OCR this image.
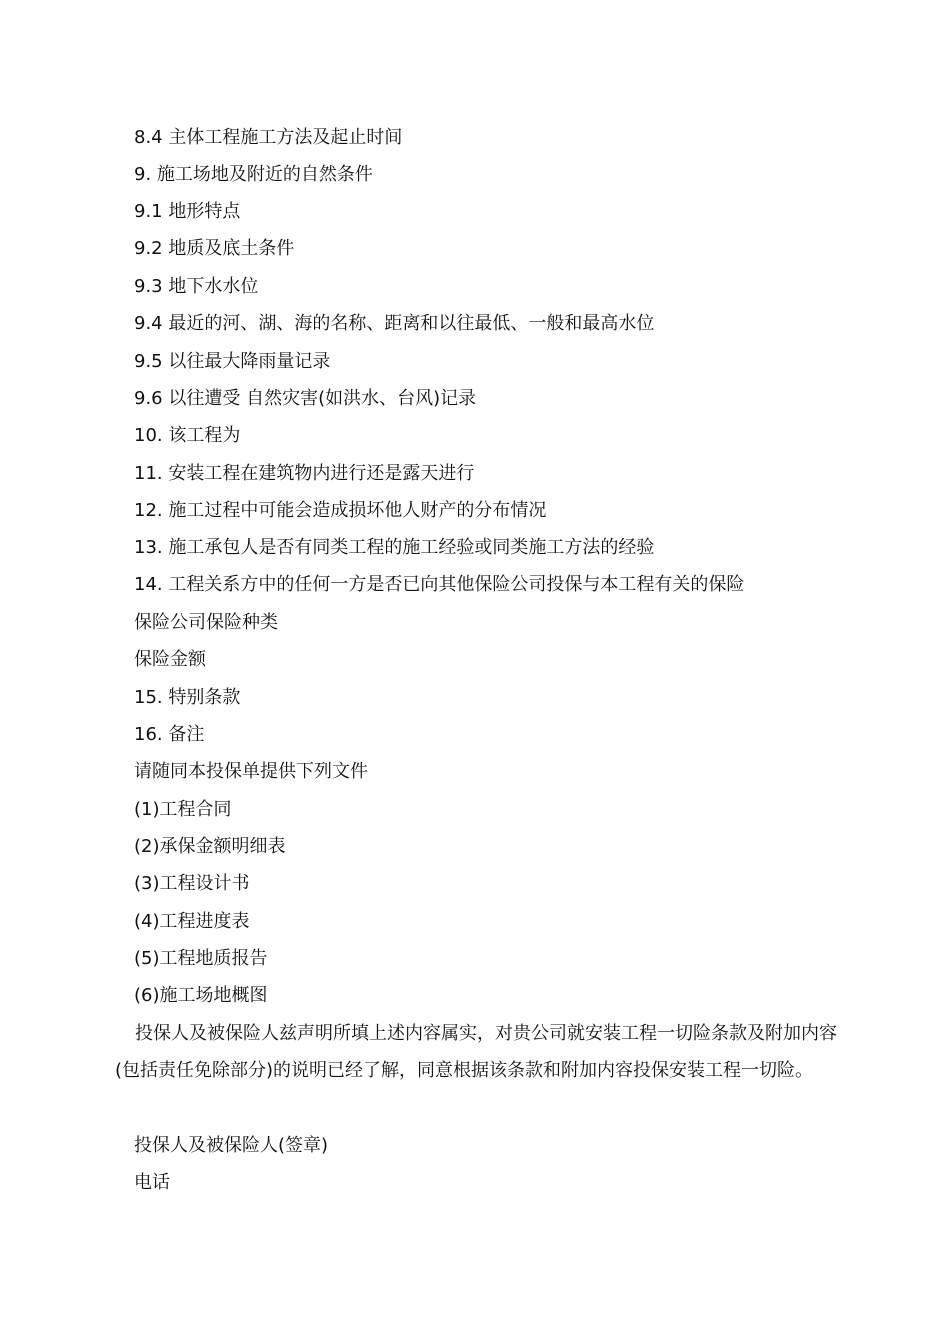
8.4 主体工程施工方法及起止时间
9. 施工场地及附近的自然条件
9.1 地形特点
9.2 地质及底土条件
9.3 地下水水位
9.4 最近的河、湖、海的名称、距离和以往最低、一般和最高水位
9.5 以往最大降雨量记录
9.6 以往遭受 自然灾害(如洪水、台风)记录
10. 该工程为
11. 安装工程在建筑物内进行还是露天进行
12. 施工过程中可能会造成损坏他人财产的分布情况
13. 施工承包人是否有同类工程的施工经验或同类施工方法的经验
14. 工程关系方中的任何一方是否已向其他保险公司投保与本工程有关的保险
保险公司保险种类
保险金额
15. 特别条款
16. 备注
请随同本投保单提供下列文件
(1)工程合同
(2)承保金额明细表
(3)工程设计书
(4)工程进度表
(5)工程地质报告
(6)施工场地概图
投保人及被保险人兹声明所填上述内容属实，对贵公司就安装工程一切险条款及附加内容(包括责任免除部分)的说明已经了解，同意根据该条款和附加内容投保安装工程一切险。
投保人及被保险人(签章)
电话
